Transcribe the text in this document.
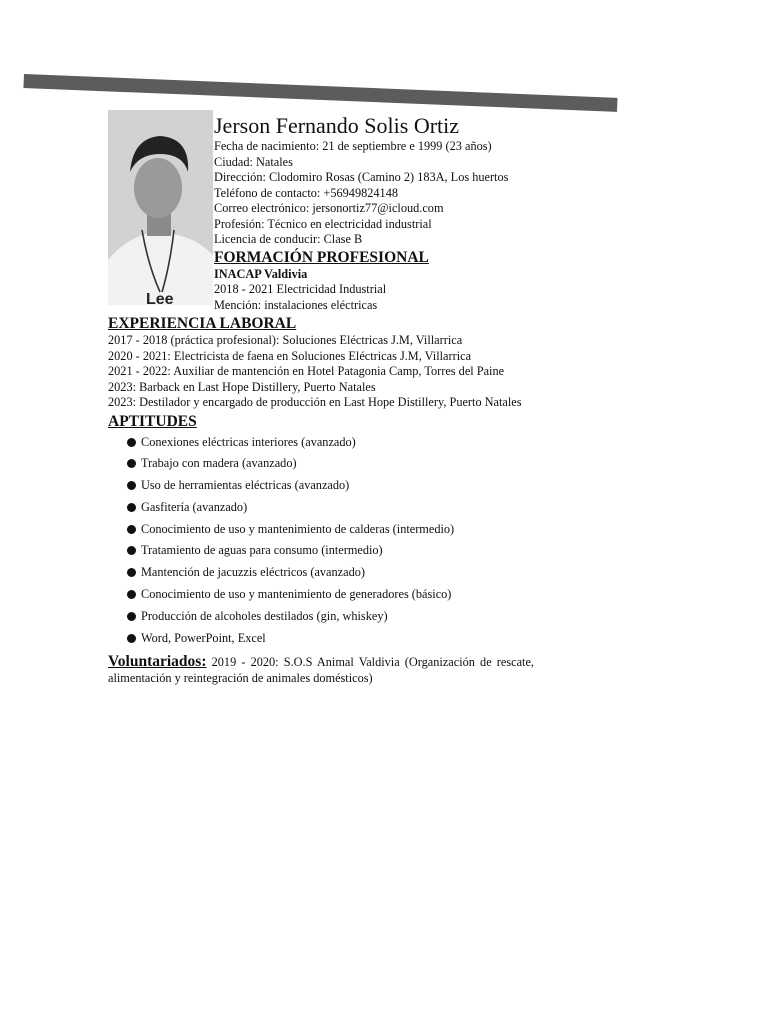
Lee
Jerson Fernando Solis Ortiz
Fecha de nacimiento: 21 de septiembre e 1999 (23 años)
Ciudad: Natales
Dirección: Clodomiro Rosas (Camino 2) 183A, Los huertos
Teléfono de contacto: +56949824148
Correo electrónico: jersonortiz77@icloud.com
Profesión: Técnico en electricidad industrial
Licencia de conducir: Clase B
FORMACIÓN PROFESIONAL
INACAP Valdivia
2018 - 2021 Electricidad Industrial
Mención: instalaciones eléctricas
EXPERIENCIA LABORAL
2017 - 2018 (práctica profesional): Soluciones Eléctricas J.M, Villarrica
2020 - 2021: Electricista de faena en Soluciones Eléctricas J.M, Villarrica
2021 - 2022: Auxiliar de mantención en Hotel Patagonia Camp, Torres del Paine
2023: Barback en Last Hope Distillery, Puerto Natales
2023: Destilador y encargado de producción en Last Hope Distillery, Puerto Natales
APTITUDES
Conexiones eléctricas interiores (avanzado)
Trabajo con madera (avanzado)
Uso de herramientas eléctricas (avanzado)
Gasfitería (avanzado)
Conocimiento de uso y mantenimiento de calderas (intermedio)
Tratamiento de aguas para consumo (intermedio)
Mantención de jacuzzis eléctricos (avanzado)
Conocimiento de uso y mantenimiento de generadores (básico)
Producción de alcoholes destilados (gin, whiskey)
Word, PowerPoint, Excel
Voluntariados: 2019 - 2020: S.O.S Animal Valdivia (Organización de rescate, alimentación y reintegración de animales domésticos)
